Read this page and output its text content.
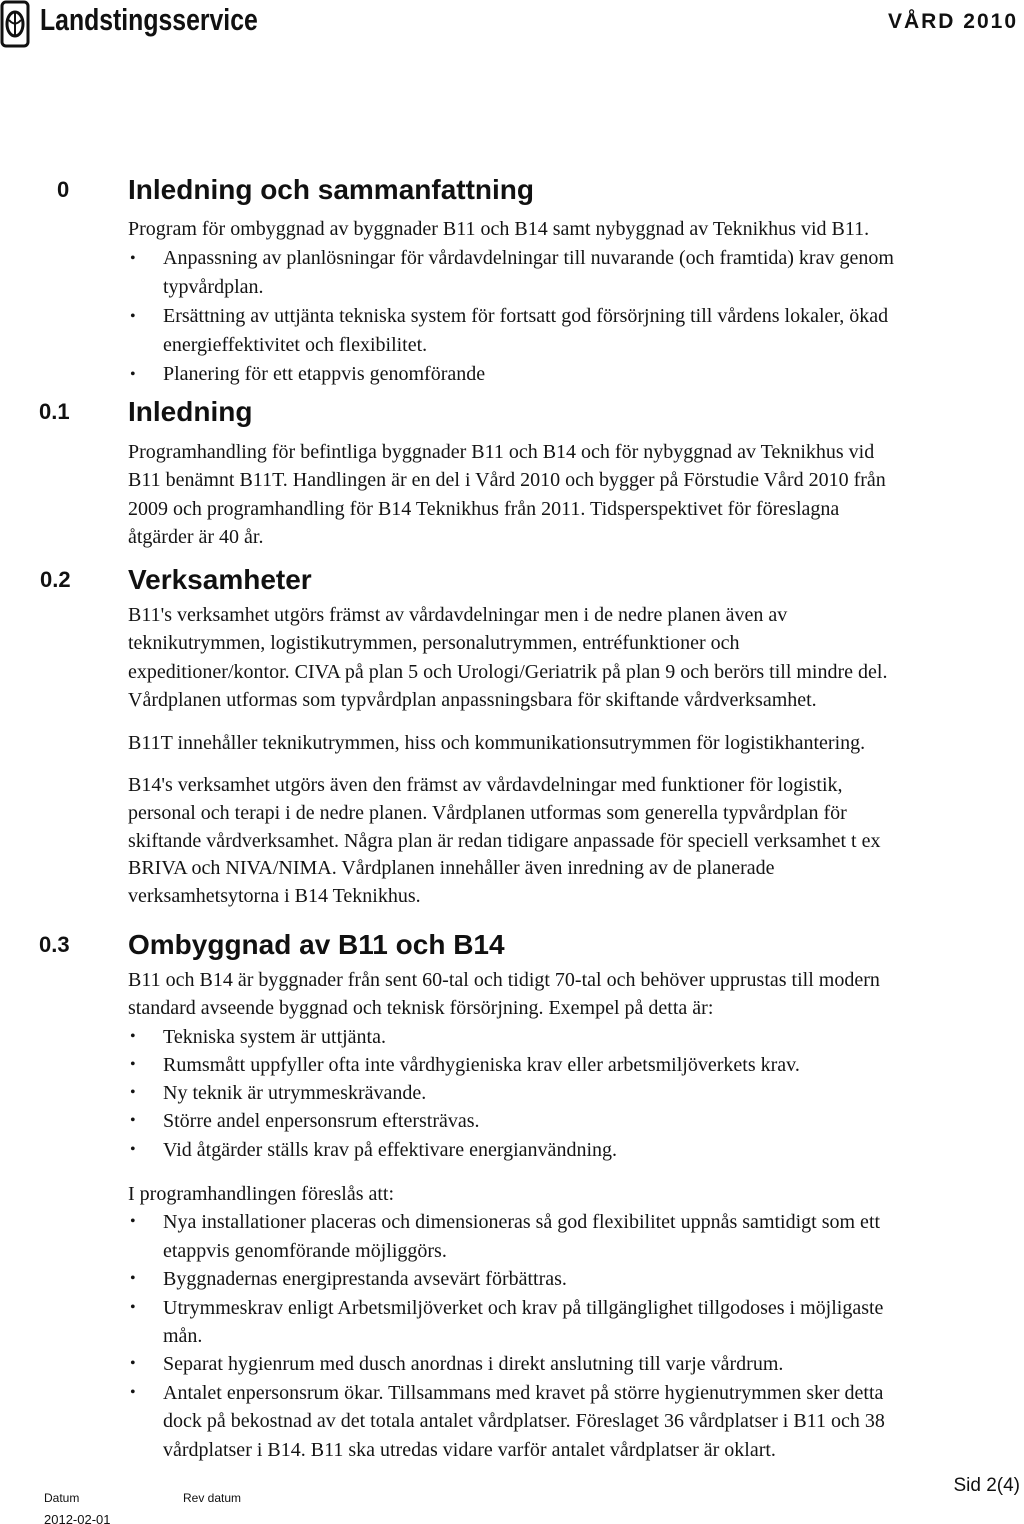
Landstingsservice	VÅRD 2010
0 Inledning och sammanfattning
Program för ombyggnad av byggnader B11 och B14 samt nybyggnad av Teknikhus vid B11.
•
Anpassning av planlösningar för vårdavdelningar till nuvarande (och framtida) krav genom
typvårdplan.
•
Ersättning av uttjänta tekniska system för fortsatt god försörjning till vårdens lokaler, ökad
energieffektivitet och flexibilitet.
•
Planering för ett etappvis genomförande
0.1 Inledning
Programhandling för befintliga byggnader B11 och B14 och för nybyggnad av Teknikhus vid
B11 benämnt B11T. Handlingen är en del i Vård 2010 och bygger på Förstudie Vård 2010 från
2009 och programhandling för B14 Teknikhus från 2011. Tidsperspektivet för föreslagna
åtgärder är 40 år.
0.2 Verksamheter
B11's verksamhet utgörs främst av vårdavdelningar men i de nedre planen även av
teknikutrymmen, logistikutrymmen, personalutrymmen, entréfunktioner och
expeditioner/kontor. CIVA på plan 5 och Urologi/Geriatrik på plan 9 och berörs till mindre del.
Vårdplanen utformas som typvårdplan anpassningsbara för skiftande vårdverksamhet.
B11T innehåller teknikutrymmen, hiss och kommunikationsutrymmen för logistikhantering.
B14's verksamhet utgörs även den främst av vårdavdelningar med funktioner för logistik,
personal och terapi i de nedre planen. Vårdplanen utformas som generella typvårdplan för
skiftande vårdverksamhet. Några plan är redan tidigare anpassade för speciell verksamhet t ex
BRIVA och NIVA/NIMA. Vårdplanen innehåller även inredning av de planerade
verksamhetsytorna i B14 Teknikhus.
0.3 Ombyggnad av B11 och B14
B11 och B14 är byggnader från sent 60-tal och tidigt 70-tal och behöver upprustas till modern
standard avseende byggnad och teknisk försörjning. Exempel på detta är:
•
Tekniska system är uttjänta.
•
Rumsmått uppfyller ofta inte vårdhygieniska krav eller arbetsmiljöverkets krav.
•
Ny teknik är utrymmeskrävande.
•
Större andel enpersonsrum eftersträvas.
•
Vid åtgärder ställs krav på effektivare energianvändning.
I programhandlingen föreslås att:
•
Nya installationer placeras och dimensioneras så god flexibilitet uppnås samtidigt som ett
etappvis genomförande möjliggörs.
•
Byggnadernas energiprestanda avsevärt förbättras.
•
Utrymmeskrav enligt Arbetsmiljöverket och krav på tillgänglighet tillgodoses i möjligaste
mån.
•
Separat hygienrum med dusch anordnas i direkt anslutning till varje vårdrum.
•
Antalet enpersonsrum ökar. Tillsammans med kravet på större hygienutrymmen sker detta
dock på bekostnad av det totala antalet vårdplatser. Föreslaget 36 vårdplatser i B11 och 38
vårdplatser i B14. B11 ska utredas vidare varför antalet vårdplatser är oklart.
Datum	Rev datum
Sid 2(4)
2012-02-01
